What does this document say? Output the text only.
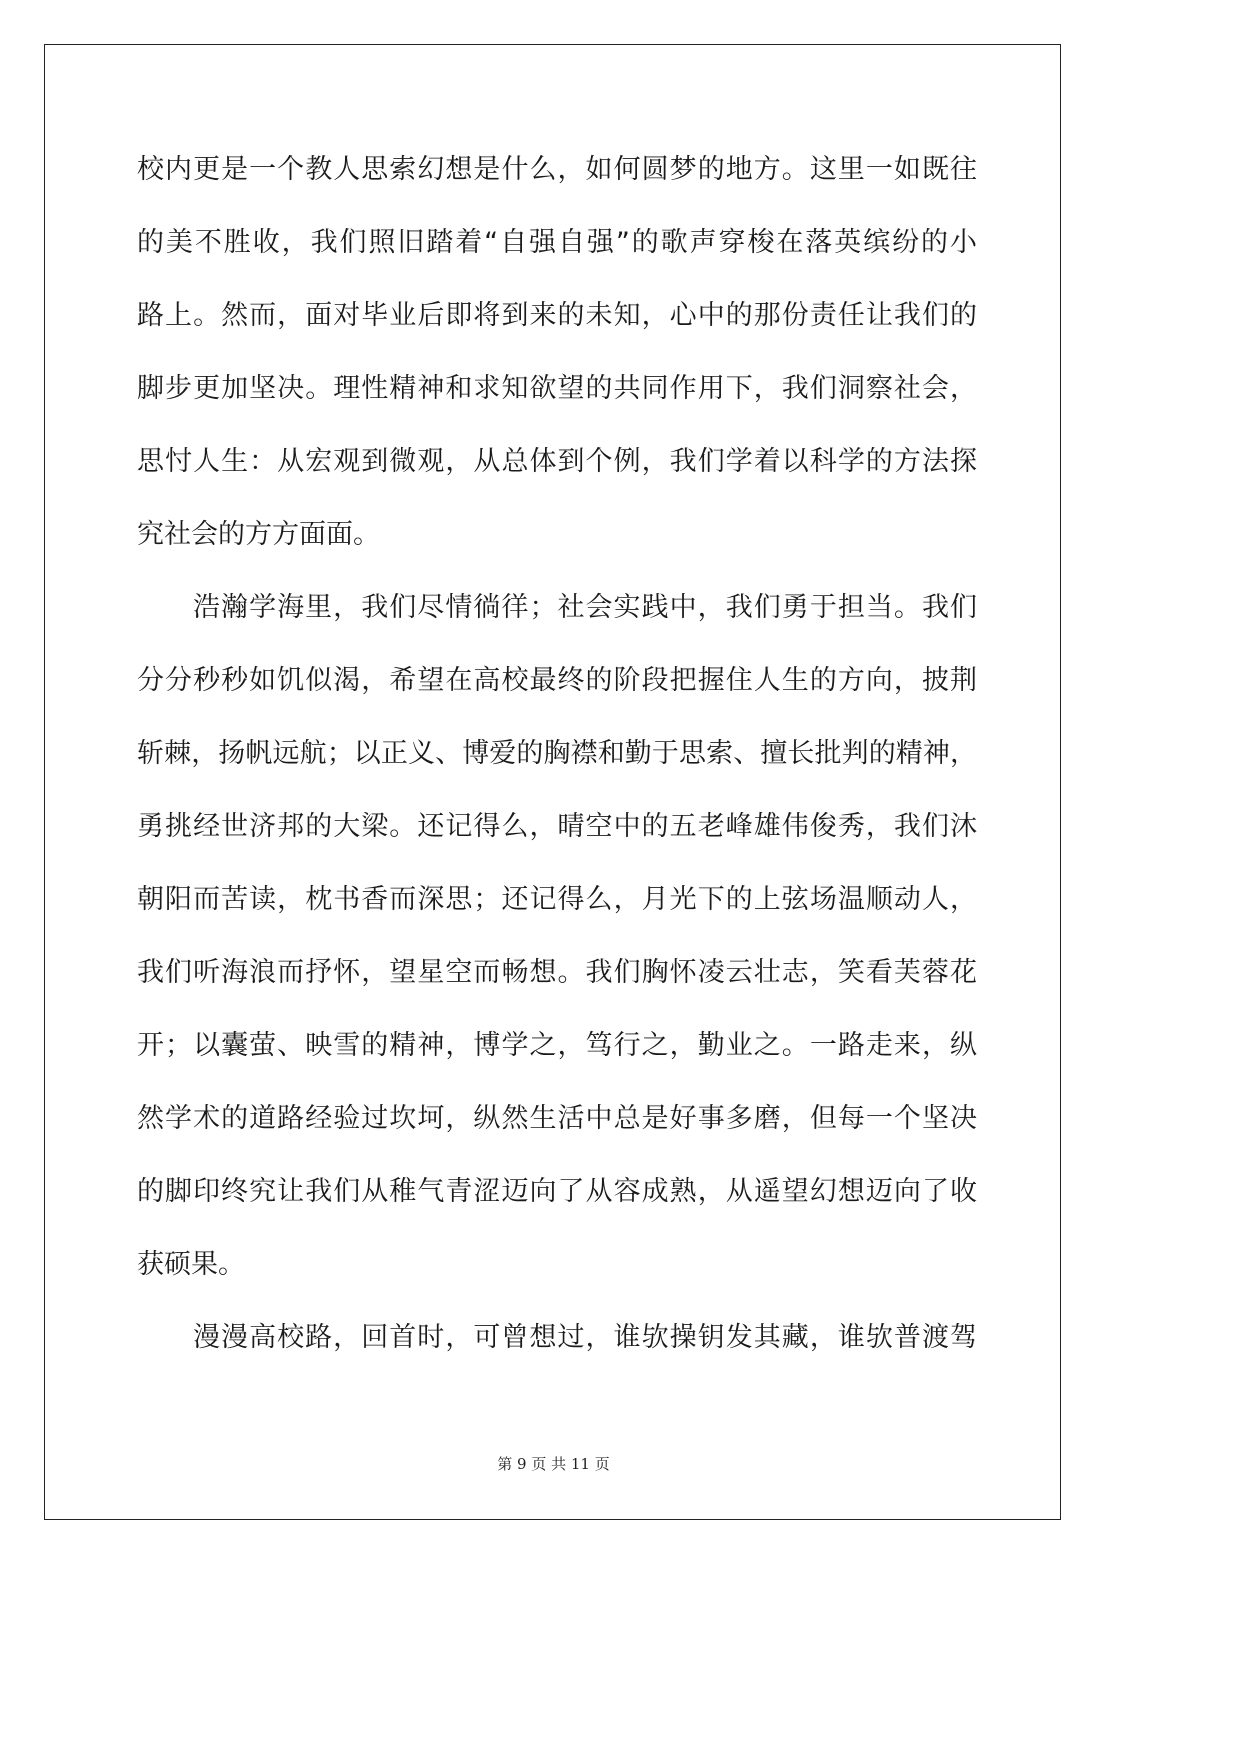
校内更是一个教人思索幻想是什么，如何圆梦的地方。这里一如既往
的美不胜收，我们照旧踏着“自强自强”的歌声穿梭在落英缤纷的小
路上。然而，面对毕业后即将到来的未知，心中的那份责任让我们的
脚步更加坚决。理性精神和求知欲望的共同作用下，我们洞察社会，
思忖人生：从宏观到微观，从总体到个例，我们学着以科学的方法探
究社会的方方面面。
浩瀚学海里，我们尽情徜徉；社会实践中，我们勇于担当。我们
分分秒秒如饥似渴，希望在高校最终的阶段把握住人生的方向，披荆
斩棘，扬帆远航；以正义、博爱的胸襟和勤于思索、擅长批判的精神，
勇挑经世济邦的大梁。还记得么，晴空中的五老峰雄伟俊秀，我们沐
朝阳而苦读，枕书香而深思；还记得么，月光下的上弦场温顺动人，
我们听海浪而抒怀，望星空而畅想。我们胸怀凌云壮志，笑看芙蓉花
开；以囊萤、映雪的精神，博学之，笃行之，勤业之。一路走来，纵
然学术的道路经验过坎坷，纵然生活中总是好事多磨，但每一个坚决
的脚印终究让我们从稚气青涩迈向了从容成熟，从遥望幻想迈向了收
获硕果。
漫漫高校路，回首时，可曾想过，谁欤操钥发其藏，谁欤普渡驾
第 9 页 共 11 页
